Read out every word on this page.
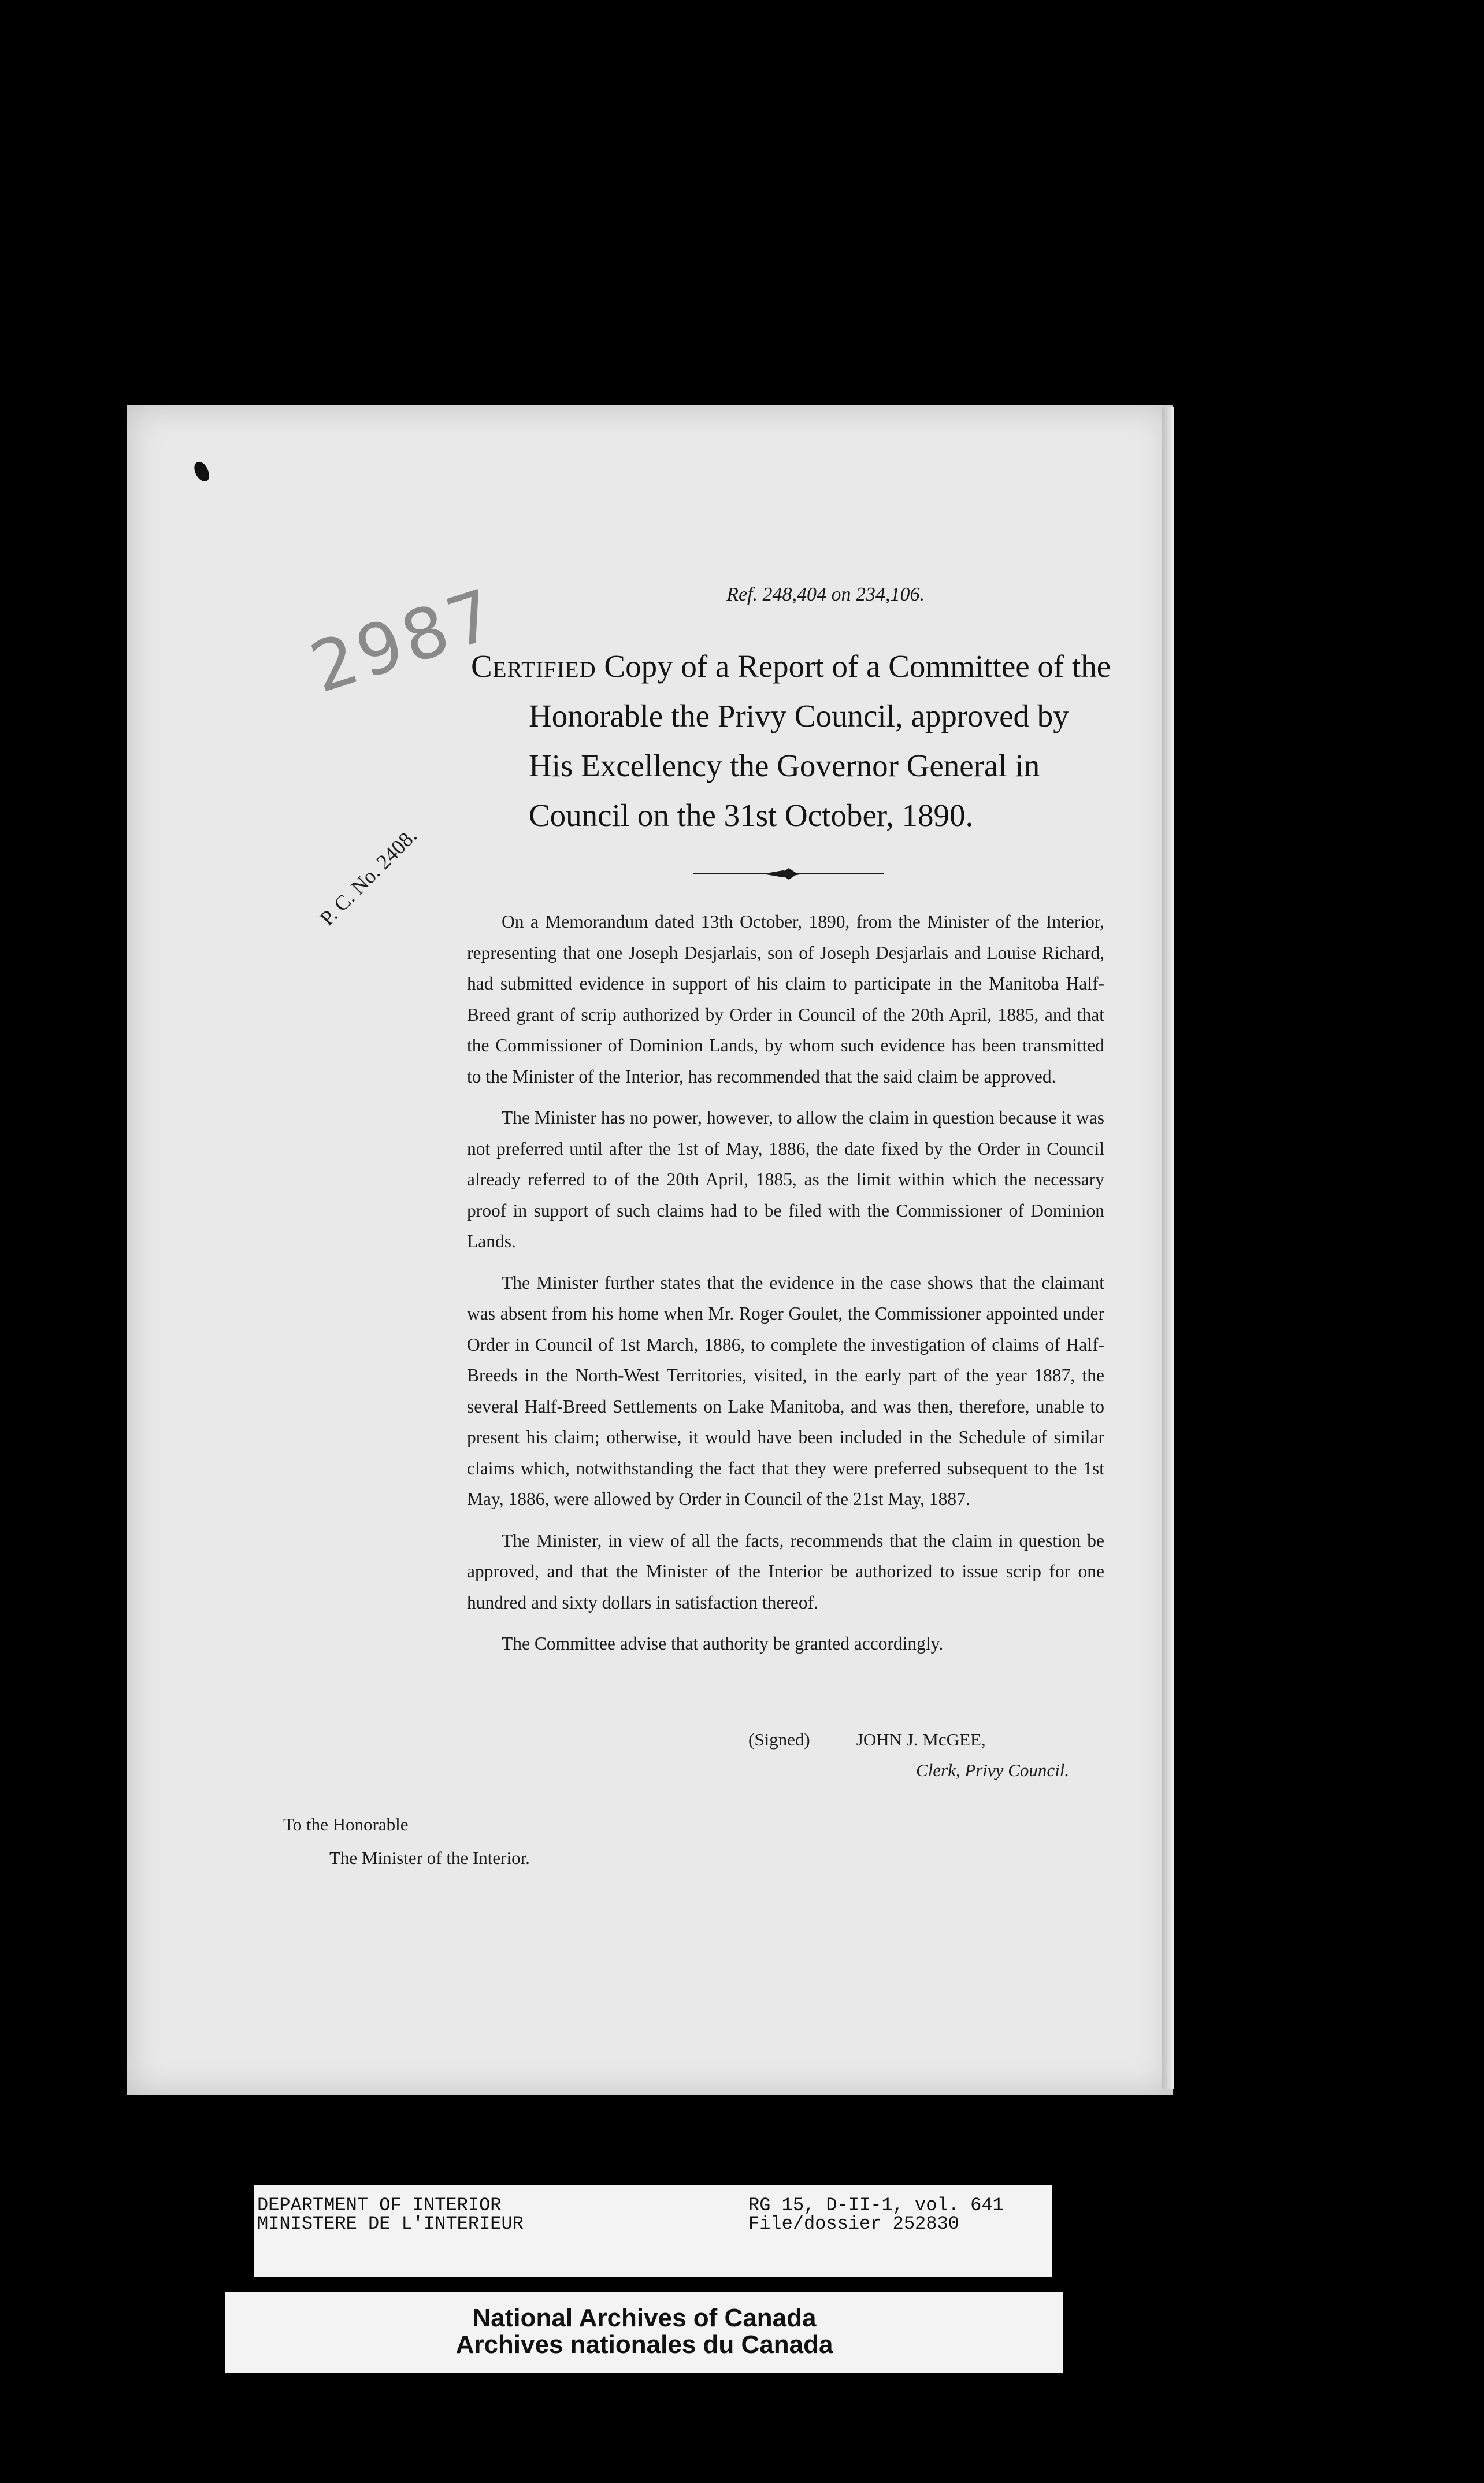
Ref. 248,404 on 234,106.
2987
Certified Copy of a Report of a Committee of the
Honorable the Privy Council, approved by His Excellency the Governor General in Council on the 31st October, 1890.
P. C. No. 2408.	On a Memorandum dated 13th October, 1890, from the Minister of the Interior, representing that one Joseph Desjarlais, son of Joseph Desjarlais and Louise Richard, had submitted evidence in support of his claim to participate in the Manitoba Half-Breed grant of scrip authorized by Order in Council of the 20th April, 1885, and that the Commissioner of Dominion Lands, by whom such evidence has been transmitted to the Minister of the Interior, has recommended that the said claim be approved.

The Minister has no power, however, to allow the claim in question because it was not preferred until after the 1st of May, 1886, the date fixed by the Order in Council already referred to of the 20th April, 1885, as the limit within which the necessary proof in support of such claims had to be filed with the Commissioner of Dominion Lands.

The Minister further states that the evidence in the case shows that the claimant was absent from his home when Mr. Roger Goulet, the Commissioner appointed under Order in Council of 1st March, 1886, to complete the investigation of claims of Half-Breeds in the North-West Territories, visited, in the early part of the year 1887, the several Half-Breed Settlements on Lake Manitoba, and was then, therefore, unable to present his claim; otherwise, it would have been included in the Schedule of similar claims which, notwithstanding the fact that they were preferred subsequent to the 1st May, 1886, were allowed by Order in Council of the 21st May, 1887.

The Minister, in view of all the facts, recommends that the claim in question be approved, and that the Minister of the Interior be authorized to issue scrip for one hundred and sixty dollars in satisfaction thereof.

The Committee advise that authority be granted accordingly.

(Signed)	JOHN J. McGEE,
Clerk, Privy Council.
To the Honorable
The Minister of the Interior.
DEPARTMENT OF INTERIOR
MINISTERE DE L'INTERIEUR
RG 15, D-II-1, vol. 641
File/dossier 252830
National Archives of Canada
Archives nationales du Canada
